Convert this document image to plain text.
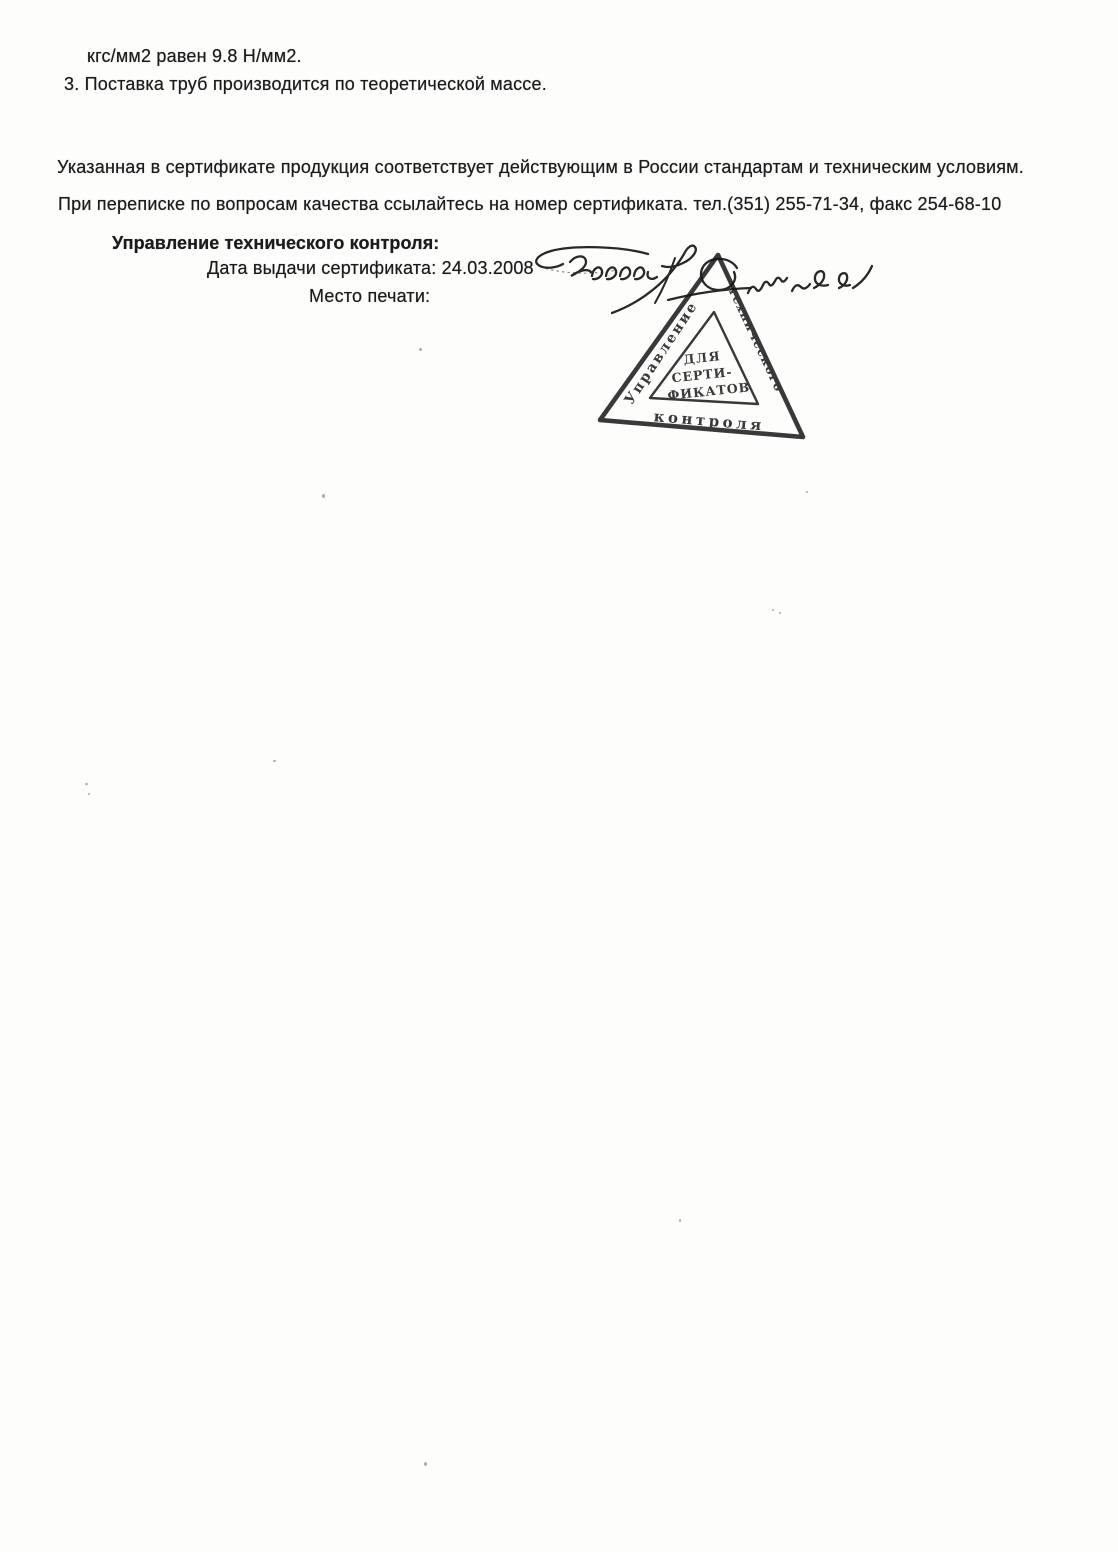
кгс/мм2 равен 9.8 Н/мм2.
3. Поставка труб производится по теоретической массе.
Указанная в сертификате продукция соответствует действующим в России стандартам и техническим условиям.
При переписке по вопросам качества ссылайтесь на номер сертификата. тел.(351) 255-71-34, факс 254-68-10
Управление технического контроля:
Дата выдачи сертификата: 24.03.2008
Место печати:
Управление
технического
контроля
ДЛЯ
СЕРТИ-
ФИКАТОВ
